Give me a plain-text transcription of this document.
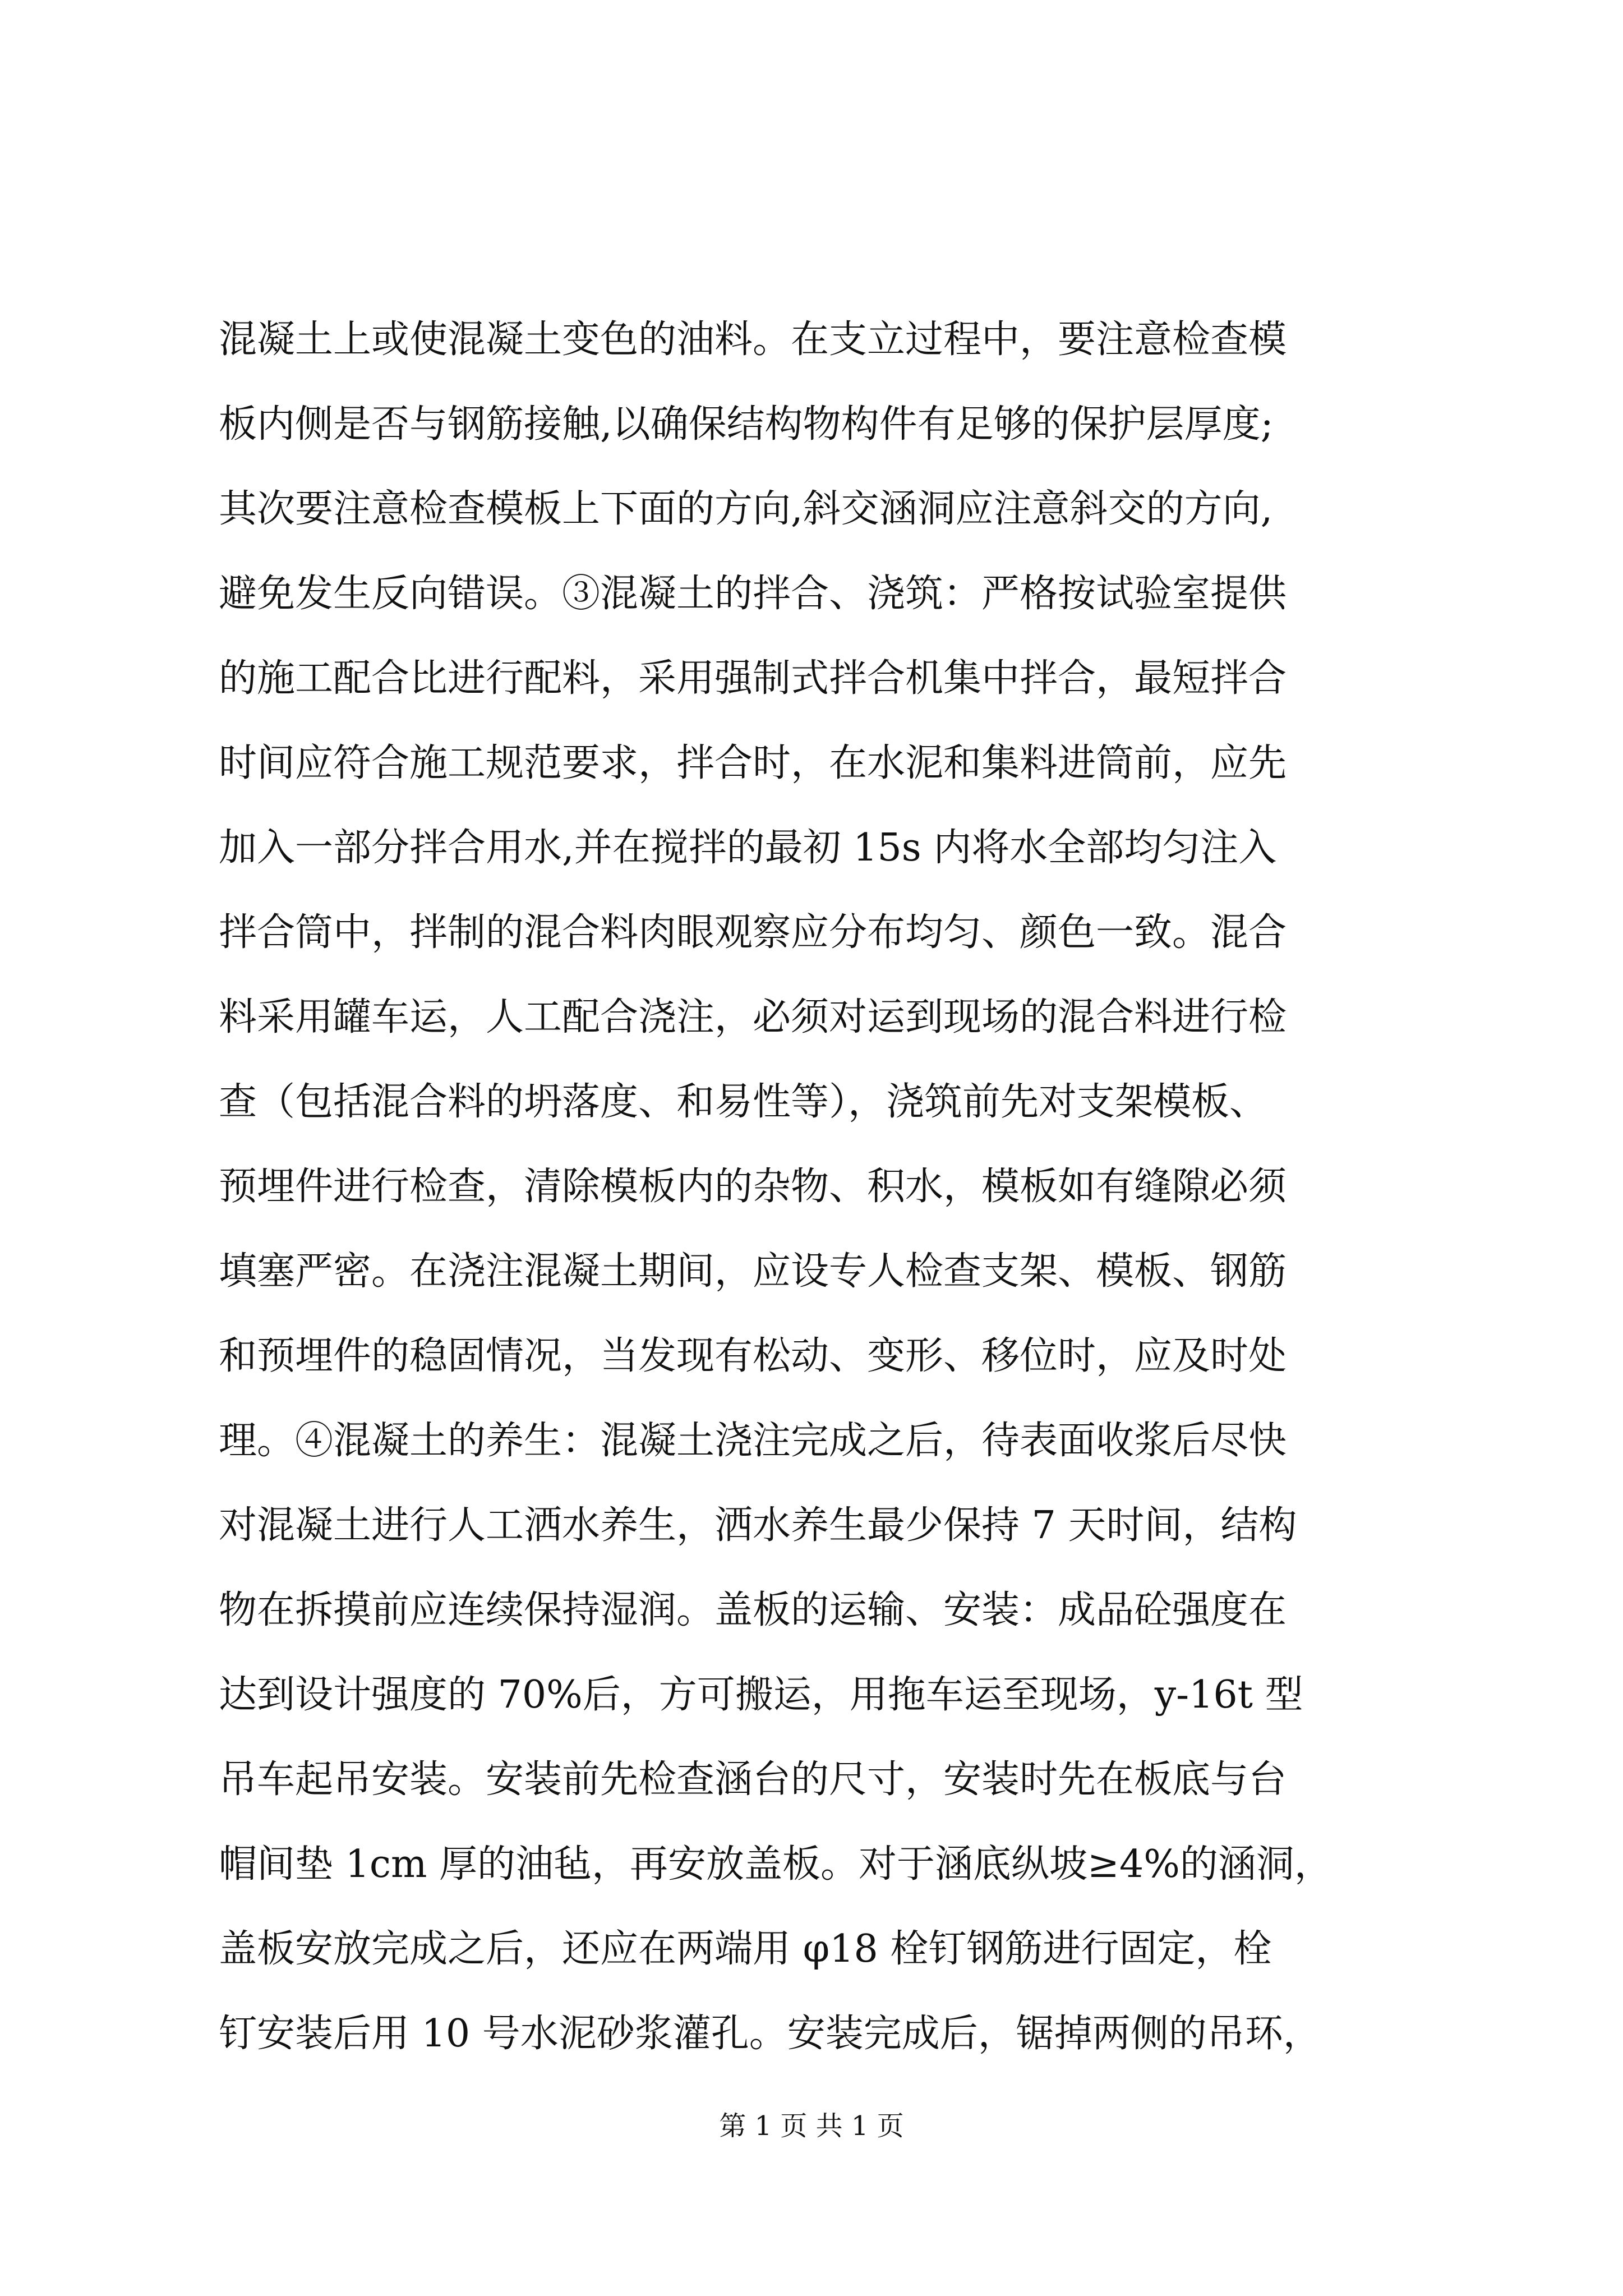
混凝土上或使混凝土变色的油料。在支立过程中，要注意检查模
板内侧是否与钢筋接触,以确保结构物构件有足够的保护层厚度;
其次要注意检查模板上下面的方向,斜交涵洞应注意斜交的方向,
避免发生反向错误。③混凝土的拌合、浇筑：严格按试验室提供
的施工配合比进行配料，采用强制式拌合机集中拌合，最短拌合
时间应符合施工规范要求，拌合时，在水泥和集料进筒前，应先
加入一部分拌合用水,并在搅拌的最初 15s 内将水全部均匀注入
拌合筒中，拌制的混合料肉眼观察应分布均匀、颜色一致。混合
料采用罐车运，人工配合浇注，必须对运到现场的混合料进行检
查（包括混合料的坍落度、和易性等），浇筑前先对支架模板、
预埋件进行检查，清除模板内的杂物、积水，模板如有缝隙必须
填塞严密。在浇注混凝土期间，应设专人检查支架、模板、钢筋
和预埋件的稳固情况，当发现有松动、变形、移位时，应及时处
理。④混凝土的养生：混凝土浇注完成之后，待表面收浆后尽快
对混凝土进行人工洒水养生，洒水养生最少保持 7 天时间，结构
物在拆摸前应连续保持湿润。盖板的运输、安装：成品砼强度在
达到设计强度的 70%后，方可搬运，用拖车运至现场，y-16t 型
吊车起吊安装。安装前先检查涵台的尺寸，安装时先在板底与台
帽间垫 1cm 厚的油毡，再安放盖板。对于涵底纵坡≥4%的涵洞，
盖板安放完成之后，还应在两端用 φ18 栓钉钢筋进行固定，栓
钉安装后用 10 号水泥砂浆灌孔。安装完成后，锯掉两侧的吊环，
第 1 页 共 1 页
